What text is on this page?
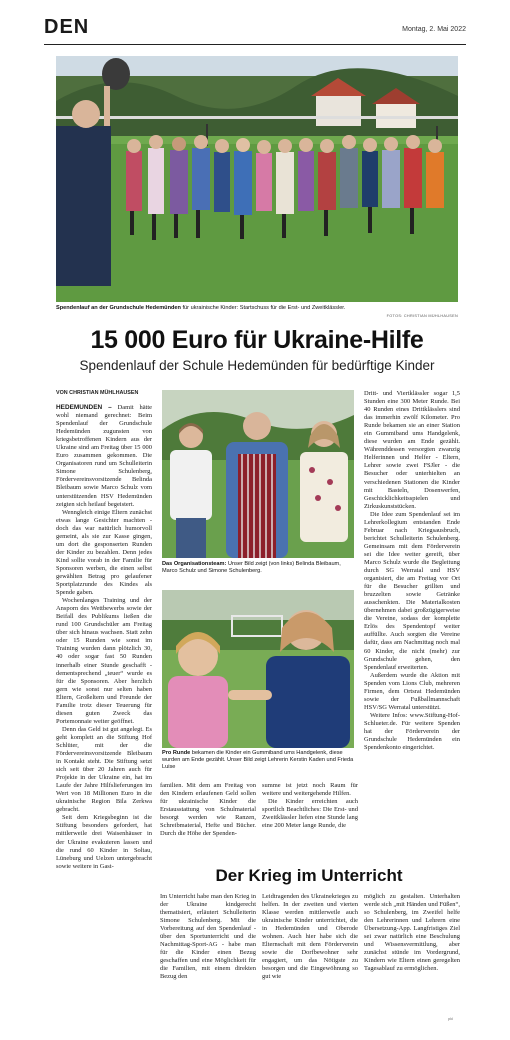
DEN	Montag, 2. Mai 2022
Spendenlauf an der Grundschule Hedemünden für ukrainische Kinder: Startschuss für die Erst- und Zweitklässler.
FOTOS: CHRISTIAN MÜHLHAUSEN
15 000 Euro für Ukraine-Hilfe
Spendenlauf der Schule Hedemünden für bedürftige Kinder
VON CHRISTIAN MÜHLHAUSEN

HEDEMÜNDEN – Damit hätte wohl niemand gerechnet: Beim Spendenlauf der Grundschule Hedemünden zugunsten von kriegsbetroffenen Kindern aus der Ukraine sind am Freitag über 15 000 Euro zusammen gekommen. Die Organisatoren rund um Schulleiterin Simone Schulenberg, Fördervereinsvorsitzende Belinda Bleibaum sowie Marco Schulz vom unterstützenden HSV Hedemünden zeigten sich heilauf begeistert.

Wenngleich einige Eltern zunächst etwas lange Gesichter machten - doch das war natürlich humorvoll gemeint, als sie zur Kasse gingen, um dort die gesponserten Runden der Kinder zu bezahlen. Denn jedes Kind sollte vorab in der Familie für Sponsoren werben, die einen selbst gewählten Betrag pro gelaufener Sportplatzrunde des Kindes als Spende gaben.

Wochenlanges Training und der Ansporn des Wettbewerbs sowie der Beifall des Publikums ließen die rund 100 Grundschüler am Freitag über sich hinaus wachsen. Statt zehn oder 15 Runden wie sonst im Training wurden dann plötzlich 30, 40 oder sogar fast 50 Runden innerhalb einer Stunde geschafft - dementsprechend „teuer“ wurde es für die Sponsoren. Aber herzlich gern wie sonst nur selten haben Eltern, Großeltern und Freunde der Familie trotz dieser Teuerung für diesen guten Zweck das Portemonnaie weiter geöffnet.

Denn das Geld ist gut angelegt. Es geht komplett an die Stiftung Hof Schlüter, mit der die Fördervereinsvorsitzende Bleibaum in Kontakt steht. Die Stiftung setzt sich seit über 20 Jahren auch für Projekte in der Ukraine ein, hat im Laufe der Jahre Hilfslieferungen im Wert von 18 Millionen Euro in die ukrainische Region Bila Zerkwa gebracht.

Seit dem Kriegsbeginn ist die Stiftung besonders gefordert, hat mittlerweile drei Waisenhäuser in der Ukraine evakuieren lassen und die rund 60 Kinder in Soltau, Lüneburg und Uelzen untergebracht sowie weitere in Gast-

Das Organisationsteam: Unser Bild zeigt (von links) Belinda Bleibaum, Marco Schulz und Simone Schulenberg.
Pro Runde bekamen die Kinder ein Gummiband ums Handgelenk, diese wurden am Ende gezählt. Unser Bild zeigt Lehrerin Kerstin Kaden und Frieda Luise

familien. Mit dem am Freitag von den Kindern erlaufenen Geld sollen für ukrainische Kinder die Erstausstattung von Schulmaterial besorgt werden wie Ranzen, Schreibmaterial, Hefte und Bücher. Durch die Höhe der Spenden-

summe ist jetzt noch Raum für weitere und weitergehende Hilfen.

Die Kinder erreichten auch sportlich Beachtliches: Die Erst- und Zweitklässler liefen eine Stunde lang eine 200 Meter lange Runde, die

Dritt- und Viertklässler sogar 1,5 Stunden eine 300 Meter Runde. Bei 40 Runden eines Drittklässlers sind das immerhin zwölf Kilometer. Pro Runde bekamen sie an einer Station ein Gummiband ums Handgelenk, diese wurden am Ende gezählt. Währenddessen versorgten zwanzig Helferinnen und Helfer - Eltern, Lehrer sowie zwei FSJler - die Besucher oder unterhielten an verschiedenen Stationen die Kinder mit Basteln, Dosenwerfen, Geschicklichkeitsspielen und Zirkuskunststücken.

Die Idee zum Spendenlauf sei im Lehrerkollegium entstanden Ende Februar nach Kriegsausbruch, berichtet Schulleiterin Schulenberg. Gemeinsam mit dem Förderverein sei die Idee weiter gereift, über Marco Schulz wurde die Begleitung durch SG Werratal und HSV organisiert, die am Freitag vor Ort für die Besucher grillten und bruzzelten sowie Getränke ausschenkten. Die Materialkosten übernehmen dabei großzügigerweise die Vereine, sodass der komplette Erlös des Spendentopf weiter auffüllte. Auch sorgten die Vereine dafür, dass am Nachmittag noch mal 60 Kinder, die nicht (mehr) zur Grundschule gehen, den Spendenlauf erweiterten.

Außerdem wurde die Aktion mit Spenden vom Lions Club, mehreren Firmen, dem Ortsrat Hedemünden sowie der Fußballmannschaft HSV/SG Werratal unterstützt.

Weitere Infos: www.Stiftung-Hof-Schlueter.de. Für weitere Spenden hat der Förderverein der Grundschule Hedemünden ein Spendenkonto eingerichtet.

Der Krieg im Unterricht

Im Unterricht habe man den Krieg in der Ukraine kindgerecht thematisiert, erläutert Schulleiterin Simone Schulenberg. Mit die Vorbereitung auf den Spendenlauf - über den Sportunterricht und die Nachmittag-Sport-AG - habe man für die Kinder einen Bezug geschaffen und eine Möglichkeit für die Familien, mit einem direkten Bezug den

Leidtragenden des Ukrainekrieges zu helfen. In der zweiten und vierten Klasse werden mittlerweile auch ukrainische Kinder unterrichtet, die in Hedemünden und Oberode wohnen. Auch hier habe sich die Elternschaft mit dem Förderverein sowie die Dorfbewohner sehr engagiert, um das Nötigste zu besorgen und die Eingewöhnung so gut wie

möglich zu gestalten. Unterhalten werde sich „mit Händen und Füßen“, so Schulenberg, im Zweifel helfe den Lehrerinnen und Lehrern eine Übersetzung-App. Langfristiges Ziel sei zwar natürlich eine Beschulung und Wissensvermittlung, aber zunächst stünde im Vordergrund, Kindern wie Eltern einen geregelten Tagesablauf zu ermöglichen.

pkl
